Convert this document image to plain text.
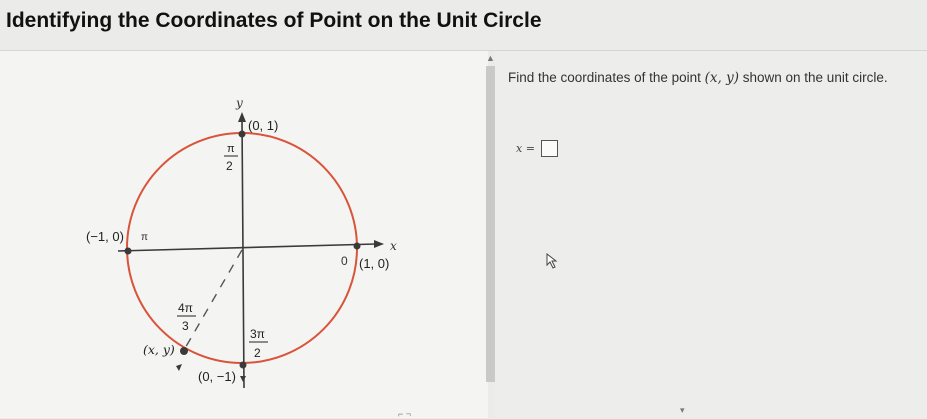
Identifying the Coordinates of Point on the Unit Circle
y
x
0
(0, 1)
(1, 0)
(−1, 0)
(0, −1)
(x, y)
π
2
π
4π
3
3π
2
▲
Find the coordinates of the point (x, y) shown on the unit circle.
x =
⌐ ¬	▾
